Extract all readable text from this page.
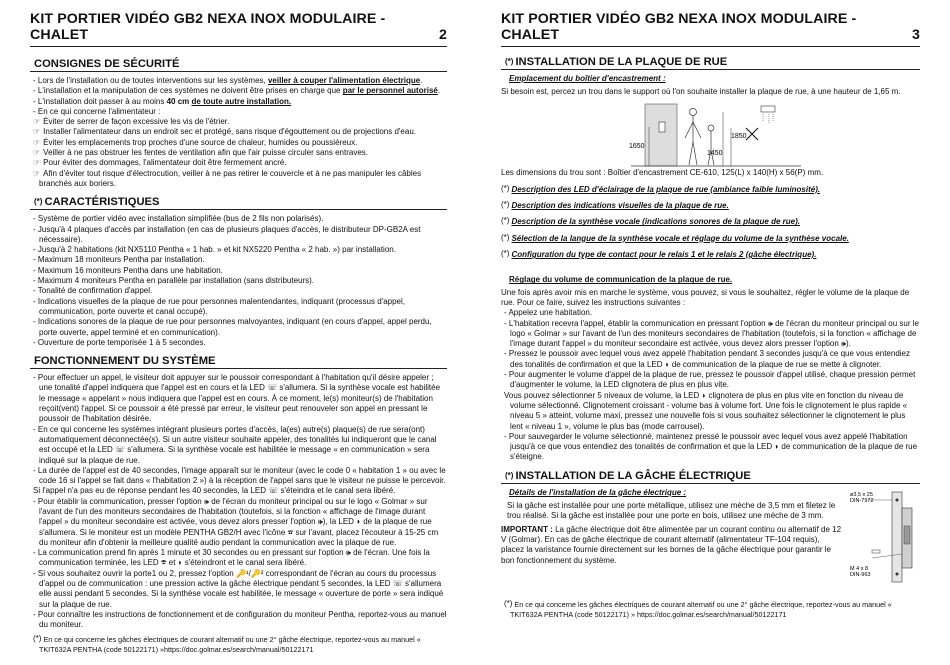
KIT PORTIER VIDÉO GB2 NEXA INOX MODULAIRE - CHALET	2
CONSIGNES DE SÉCURITÉ

- Lors de l'installation ou de toutes interventions sur les systèmes, veiller à couper l'alimentation électrique.

- L'installation et la manipulation de ces systèmes ne doivent être prises en charge que par le personnel autorisé.

- L'installation doit passer à au moins 40 cm de toute autre installation.

- En ce qui concerne l'alimentateur :

☞ Éviter de serrer de façon excessive les vis de l'étrier.

☞ Installer l'alimentateur dans un endroit sec et protégé, sans risque d'égouttement ou de projections d'eau.

☞ Éviter les emplacements trop proches d'une source de chaleur, humides ou poussiéreux.

☞ Veiller à ne pas obstruer les fentes de ventilation afin que l'air puisse circuler sans entraves.

☞ Pour éviter des dommages, l'alimentateur doit être fermement ancré.

☞ Afin d'éviter tout risque d'électrocution, veiller à ne pas retirer le couvercle et à ne pas manipuler les câbles branchés aux boriers.

(*) CARACTÉRISTIQUES

- Système de portier vidéo avec installation simplifiée (bus de 2 fils non polarisés).

- Jusqu'à 4 plaques d'accès par installation (en cas de plusieurs plaques d'accès, le distributeur DP-GB2A est nécessaire).

- Jusqu'à 2 habitations (kit NX5110 Pentha « 1 hab. » et kit NX5220 Pentha « 2 hab. ») par installation.

- Maximum 18 moniteurs Pentha par installation.

- Maximum 16 moniteurs Pentha dans une habitation.

- Maximum 4 moniteurs Pentha en parallèle par installation (sans distributeurs).

- Tonalité de confirmation d'appel.

- Indications visuelles de la plaque de rue pour personnes malentendantes, indiquant (processus d'appel, communication, porte ouverte et canal occupé).

- Indications sonores de la plaque de rue pour personnes malvoyantes, indiquant (en cours d'appel, appel perdu, porte ouverte, appel terminé et en communication).

- Ouverture de porte temporisée 1 à 5 secondes.

FONCTIONNEMENT DU SYSTÈME

- Pour effectuer un appel, le visiteur doit appuyer sur le poussoir correspondant à l'habitation qu'il désire appeler ; une tonalité d'appel indiquera que l'appel est en cours et la LED ☏ s'allumera. Si la synthèse vocale est habilitée le message « appelant » nous indiquera que l'appel est en cours. À ce moment, le(s) moniteur(s) de l'habitation reçoit(vent) l'appel. Si ce poussoir a été pressé par erreur, le visiteur peut renouveler son appel en pressant le poussoir de l'habitation désirée.

- En ce qui concerne les systèmes intégrant plusieurs portes d'accès, la(es) autre(s) plaque(s) de rue sera(ont) automatiquement déconnectée(s). Si un autre visiteur souhaite appeler, des tonalités lui indiqueront que le canal est occupé et la LED ☏ s'allumera. Si la synthèse vocale est habilitée le message « en communication » sera indiqué sur la plaque de rue.

- La durée de l'appel est de 40 secondes, l'image apparaît sur le moniteur (avec le code 0 « habitation 1 » ou avec le code 16 si l'appel se fait dans « l'habitation 2 ») à la réception de l'appel sans que le visiteur ne puisse le percevoir.

Si l'appel n'a pas eu de réponse pendant les 40 secondes, la LED ☏ s'éteindra et le canal sera libéré.

- Pour établir la communication, presser l'option 🕪 de l'écran du moniteur principal ou sur le logo « Golmar » sur l'avant de l'un des moniteurs secondaires de l'habitation (toutefois, si la fonction « affichage de l'image durant l'appel » du moniteur secondaire est activée, vous devez alors presser l'option 🕪), la LED ◗ de la plaque de rue s'allumera. Si le moniteur est un modèle PENTHA GB2/H avec l'icône ☎ sur l'avant, placez l'écouteur à 15-25 cm du moniteur afin d'obtenir la meilleure qualité audio pendant la communication avec la plaque de rue.

- La communication prend fin après 1 minute et 30 secondes ou en pressant sur l'option 🕪 de l'écran. Une fois la communication terminée, les LED ☏ et ◗ s'éteindront et le canal sera libéré.

- Si vous souhaitez ouvrir la porte1 ou 2, pressez l'option 🔑¹/🔑² correspondant de l'écran au cours du processus d'appel ou de communication : une pression active la gâche électrique pendant 5 secondes, la LED ☏ s'allumera elle aussi pendant 5 secondes. Si la synthèse vocale est habilitée, le message « ouverture de porte » sera indiqué sur la plaque de rue.

- Pour connaître les instructions de fonctionnement et de configuration du moniteur Pentha, reportez-vous au manuel du moniteur.

(*) En ce qui concerne les gâches électriques de courant alternatif ou une 2° gâche électrique, reportez-vous au manuel « TKIT632A PENTHA (code 50122171) »https://doc.golmar.es/search/manual/50122171

KIT PORTIER VIDÉO GB2 NEXA INOX MODULAIRE - CHALET	3
(*) INSTALLATION DE LA PLAQUE DE RUE

Emplacement du boîtier d'encastrement :

Si besoin est, percez un trou dans le support où l'on souhaite installer la plaque de rue, à une hauteur de 1,65 m.

1650
1850
1450

Les dimensions du trou sont : Boîtier d'encastrement CE-610, 125(L) x 140(H) x 56(P) mm.

(*) Description des LED d'éclairage de la plaque de rue (ambiance faible luminosité).

(*) Description des indications visuelles de la plaque de rue.

(*) Description de la synthèse vocale (indications sonores de la plaque de rue).

(*) Sélection de la langue de la synthèse vocale et réglage du volume de la synthèse vocale.

(*) Configuration du type de contact pour le relais 1 et le relais 2 (gâche électrique).

Réglage du volume de communication de la plaque de rue.

Une fois après avoir mis en marche le système, vous pouvez, si vous le souhaitez, régler le volume de la plaque de rue. Pour ce faire, suivez les instructions suivantes :

- Appelez une habitation.

- L'habitation recevra l'appel, établir la communication en pressant l'option 🕪 de l'écran du moniteur principal ou sur le logo « Golmar » sur l'avant de l'un des moniteurs secondaires de l'habitation (toutefois, si la fonction « affichage de l'image durant l'appel » du moniteur secondaire est activée, vous devez alors presser l'option 🕪).

- Pressez le poussoir avec lequel vous avez appelé l'habitation pendant 3 secondes jusqu'à ce que vous entendiez des tonalités de confirmation et que la LED ◗ de communication de la plaque de rue se mette à clignoter.

- Pour augmenter le volume d'appel de la plaque de rue, pressez le poussoir d'appel utilisé, chaque pression permet d'augmenter le volume, la LED clignotera de plus en plus vite.

Vous pouvez sélectionner 5 niveaux de volume, la LED ◗ clignotera de plus en plus vite en fonction du niveau de volume sélectionné. Clignotement croissant - volume bas à volume fort. Une fois le clignotement le plus rapide « niveau 5 » atteint, volume maxi, pressez une nouvelle fois si vous souhaitez sélectionner le clignotement le plus lent « niveau 1 », volume le plus bas (mode carrousel).

- Pour sauvegarder le volume sélectionné, maintenez pressé le poussoir avec lequel vous avez appelé l'habitation jusqu'à ce que vous entendiez des tonalités de confirmation et que la LED ◗ de communication de la plaque de rue s'éteigne.

(*) INSTALLATION DE LA GÂCHE ÉLECTRIQUE

Détails de l'installation de la gâche électrique :

Si la gâche est installée pour une porte métallique, utilisez une mèche de 3,5 mm et filetez le trou réalisé. Si la gâche est installée pour une porte en bois, utilisez une mèche de 3 mm.

IMPORTANT : La gâche électrique doit être alimentée par un courant continu ou alternatif de 12 V (Golmar). En cas de gâche électrique de courant alternatif (alimentateur TF-104 requis), placez la varistance fournie directement sur les bornes de la gâche électrique pour garantir le bon fonctionnement du système.

ø3,5 x 25
DIN-7972
M 4 x 8
DIN-963

(*) En ce qui concerne les gâches électriques de courant alternatif ou une 2° gâche électrique, reportez-vous au manuel « TKIT632A PENTHA (code 50122171) » https://doc.golmar.es/search/manual/50122171
